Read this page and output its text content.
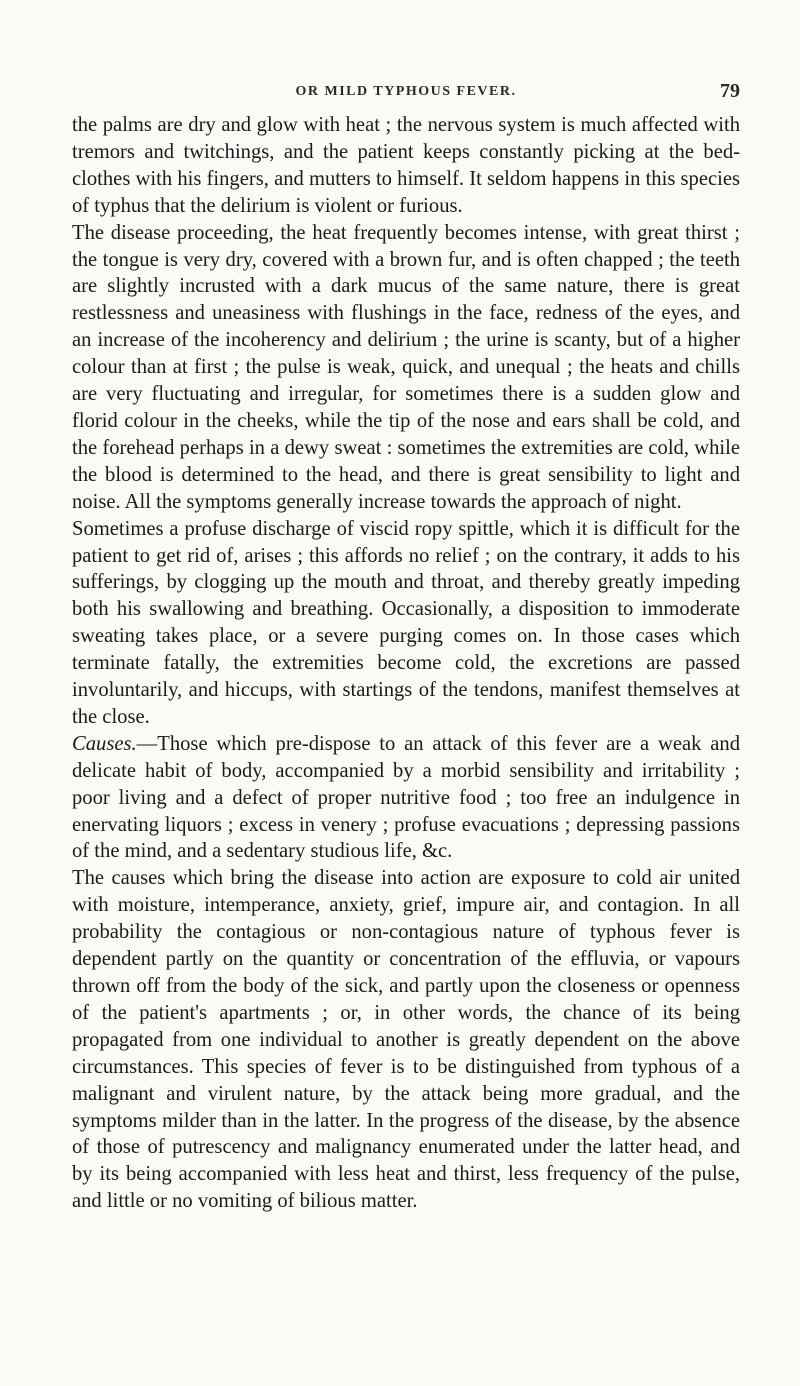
OR MILD TYPHOUS FEVER.	79

the palms are dry and glow with heat ; the nervous system is much affected with tremors and twitchings, and the patient keeps constantly picking at the bed-clothes with his fingers, and mutters to himself. It seldom happens in this species of typhus that the delirium is violent or furious.

The disease proceeding, the heat frequently becomes intense, with great thirst ; the tongue is very dry, covered with a brown fur, and is often chapped ; the teeth are slightly incrusted with a dark mucus of the same nature, there is great restlessness and uneasiness with flushings in the face, redness of the eyes, and an increase of the incoherency and delirium ; the urine is scanty, but of a higher colour than at first ; the pulse is weak, quick, and unequal ; the heats and chills are very fluctuating and irregular, for sometimes there is a sudden glow and florid colour in the cheeks, while the tip of the nose and ears shall be cold, and the forehead perhaps in a dewy sweat : sometimes the extremities are cold, while the blood is determined to the head, and there is great sensibility to light and noise. All the symptoms generally increase towards the approach of night.

Sometimes a profuse discharge of viscid ropy spittle, which it is difficult for the patient to get rid of, arises ; this affords no relief ; on the contrary, it adds to his sufferings, by clogging up the mouth and throat, and thereby greatly impeding both his swallowing and breathing. Occasionally, a disposition to immoderate sweating takes place, or a severe purging comes on. In those cases which terminate fatally, the extremities become cold, the excretions are passed involuntarily, and hiccups, with startings of the tendons, manifest themselves at the close.

Causes.—Those which pre-dispose to an attack of this fever are a weak and delicate habit of body, accompanied by a morbid sensibility and irritability ; poor living and a defect of proper nutritive food ; too free an indulgence in enervating liquors ; excess in venery ; profuse evacuations ; depressing passions of the mind, and a sedentary studious life, &c.

The causes which bring the disease into action are exposure to cold air united with moisture, intemperance, anxiety, grief, impure air, and contagion. In all probability the contagious or non-contagious nature of typhous fever is dependent partly on the quantity or concentration of the effluvia, or vapours thrown off from the body of the sick, and partly upon the closeness or openness of the patient's apartments ; or, in other words, the chance of its being propagated from one individual to another is greatly dependent on the above circumstances. This species of fever is to be distinguished from typhous of a malignant and virulent nature, by the attack being more gradual, and the symptoms milder than in the latter. In the progress of the disease, by the absence of those of putrescency and malignancy enumerated under the latter head, and by its being accompanied with less heat and thirst, less frequency of the pulse, and little or no vomiting of bilious matter.
